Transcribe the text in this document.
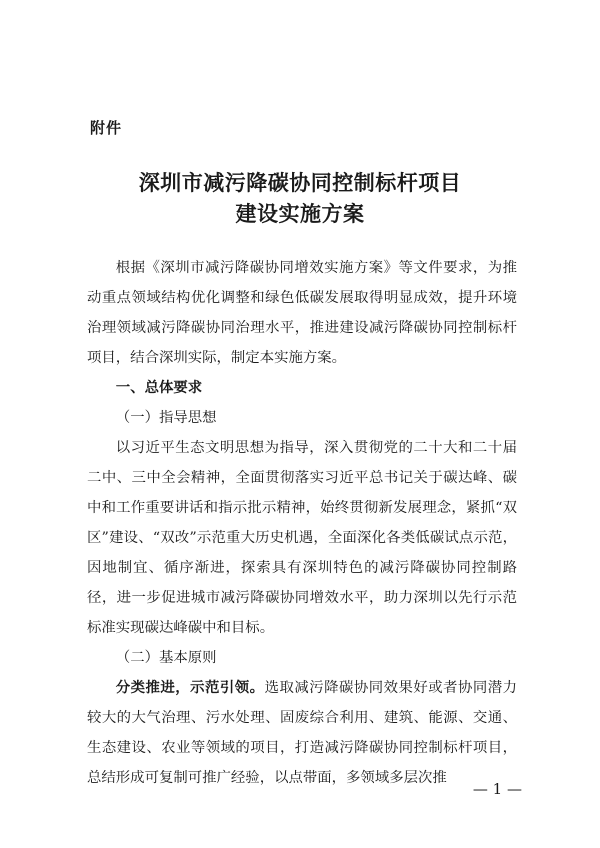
附件
深圳市减污降碳协同控制标杆项目
建设实施方案

根据《深圳市减污降碳协同增效实施方案》等文件要求，为推动重点领域结构优化调整和绿色低碳发展取得明显成效，提升环境治理领域减污降碳协同治理水平，推进建设减污降碳协同控制标杆项目，结合深圳实际，制定本实施方案。

一、总体要求

（一）指导思想

以习近平生态文明思想为指导，深入贯彻党的二十大和二十届二中、三中全会精神，全面贯彻落实习近平总书记关于碳达峰、碳中和工作重要讲话和指示批示精神，始终贯彻新发展理念，紧抓“双区”建设、“双改”示范重大历史机遇，全面深化各类低碳试点示范，因地制宜、循序渐进，探索具有深圳特色的减污降碳协同控制路径，进一步促进城市减污降碳协同增效水平，助力深圳以先行示范标准实现碳达峰碳中和目标。

（二）基本原则

分类推进，示范引领。选取减污降碳协同效果好或者协同潜力较大的大气治理、污水处理、固废综合利用、建筑、能源、交通、生态建设、农业等领域的项目，打造减污降碳协同控制标杆项目，总结形成可复制可推广经验，以点带面，多领域多层次推

— 1 —
